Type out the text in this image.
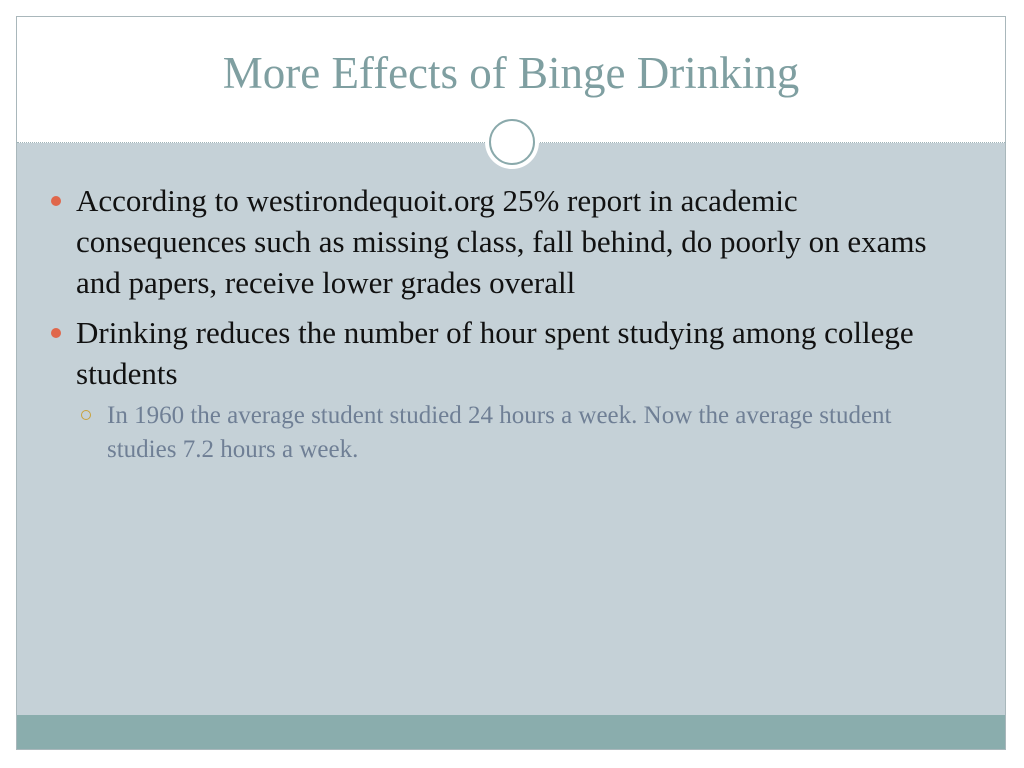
More Effects of Binge Drinking
According to westirondequoit.org 25% report in academic consequences such as missing class, fall behind, do poorly on exams and papers, receive lower grades overall
Drinking reduces the number of hour spent studying among college students
In 1960 the average student studied 24 hours a week. Now the average student studies 7.2 hours a week.
